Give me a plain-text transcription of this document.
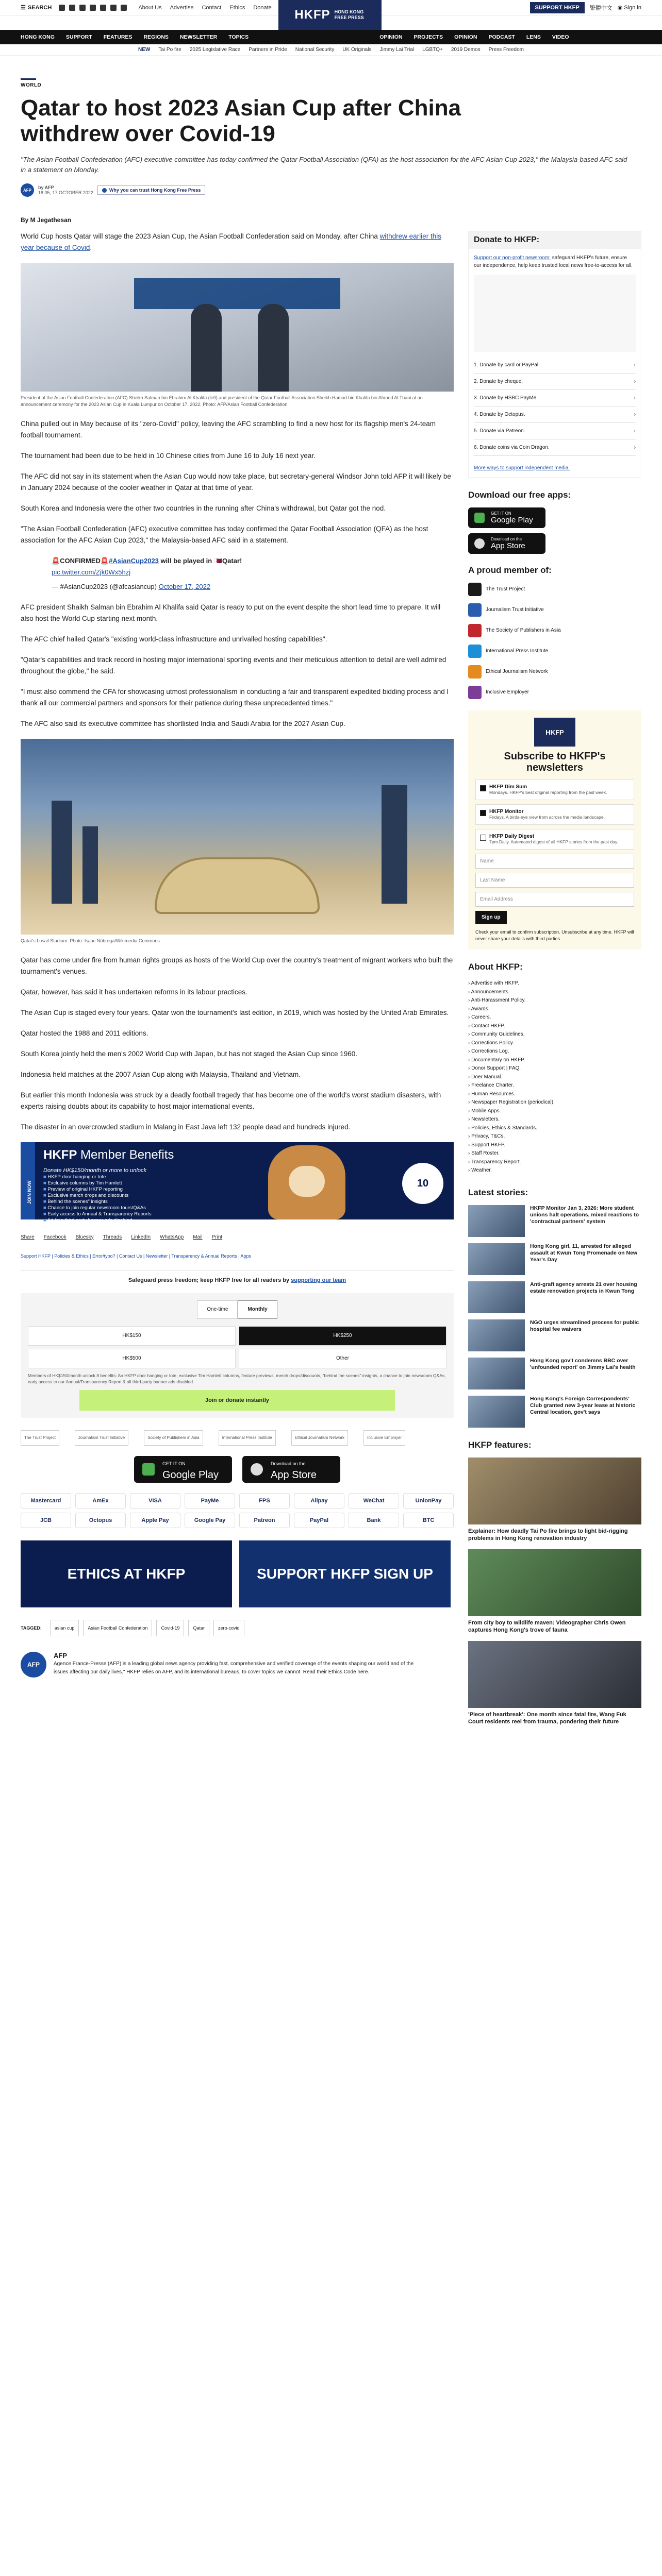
☰ SEARCH	About Us Advertise Contact Ethics Donate	SUPPORT HKFP	繁體中文 ◉ Sign in
HKFP HONG KONG FREE PRESS
HONG KONG SUPPORT FEATURES REGIONS NEWSLETTER TOPICS	OPINION PROJECTS OPINION PODCAST LENS VIDEO
NEW Tai Po fire 2025 Legislative Race Partners in Pride National Security UK Originals Jimmy Lai Trial LGBTQ+ 2019 Demos Press Freedom
WORLD
Qatar to host 2023 Asian Cup after China withdrew over Covid-19
"The Asian Football Confederation (AFC) executive committee has today confirmed the Qatar Football Association (QFA) as the host association for the AFC Asian Cup 2023," the Malaysia-based AFC said in a statement on Monday.
AFP	by AFP
18:05, 17 OCTOBER 2022	Why you can trust Hong Kong Free Press
By M Jegathesan

World Cup hosts Qatar will stage the 2023 Asian Cup, the Asian Football Confederation said on Monday, after China withdrew earlier this year because of Covid.

President of the Asian Football Confederation (AFC) Sheikh Salman bin Ebrahim Al Khalifa (left) and president of the Qatar Football Association Sheikh Hamad bin Khalifa bin Ahmed Al Thani at an announcement ceremony for the 2023 Asian Cup in Kuala Lumpur on October 17, 2022. Photo: AFP/Asian Football Confederation.

China pulled out in May because of its "zero-Covid" policy, leaving the AFC scrambling to find a new host for its flagship men's 24-team football tournament.

The tournament had been due to be held in 10 Chinese cities from June 16 to July 16 next year.

The AFC did not say in its statement when the Asian Cup would now take place, but secretary-general Windsor John told AFP it will likely be in January 2024 because of the cooler weather in Qatar at that time of year.

South Korea and Indonesia were the other two countries in the running after China's withdrawal, but Qatar got the nod.

"The Asian Football Confederation (AFC) executive committee has today confirmed the Qatar Football Association (QFA) as the host association for the AFC Asian Cup 2023," the Malaysia-based AFC said in a statement.

🚨CONFIRMED🚨#AsianCup2023 will be played in 🇶🇦Qatar!
pic.twitter.com/Zjk0Wx5hzj
— #AsianCup2023 (@afcasiancup) October 17, 2022

AFC president Shaikh Salman bin Ebrahim Al Khalifa said Qatar is ready to put on the event despite the short lead time to prepare. It will also host the World Cup starting next month.

The AFC chief hailed Qatar's "existing world-class infrastructure and unrivalled hosting capabilities".

"Qatar's capabilities and track record in hosting major international sporting events and their meticulous attention to detail are well admired throughout the globe," he said.

"I must also commend the CFA for showcasing utmost professionalism in conducting a fair and transparent expedited bidding process and I thank all our commercial partners and sponsors for their patience during these unprecedented times."

The AFC also said its executive committee has shortlisted India and Saudi Arabia for the 2027 Asian Cup.

Qatar's Lusail Stadium. Photo: Isaac Nóbrega/Wikimedia Commons.

Qatar has come under fire from human rights groups as hosts of the World Cup over the country's treatment of migrant workers who built the tournament's venues.

Qatar, however, has said it has undertaken reforms in its labour practices.

The Asian Cup is staged every four years. Qatar won the tournament's last edition, in 2019, which was hosted by the United Arab Emirates.

Qatar hosted the 1988 and 2011 editions.

South Korea jointly held the men's 2002 World Cup with Japan, but has not staged the Asian Cup since 1960.

Indonesia held matches at the 2007 Asian Cup along with Malaysia, Thailand and Vietnam.

But earlier this month Indonesia was struck by a deadly football tragedy that has become one of the world's worst stadium disasters, with experts raising doubts about its capability to host major international events.

The disaster in an overcrowded stadium in Malang in East Java left 132 people dead and hundreds injured.

JOIN NOW
HKFP Member Benefits
Donate HK$150/month or more to unlock
■ HKFP door hanging or tote
■ Exclusive columns by Tim Hamlett
■ Preview of original HKFP reporting
■ Exclusive merch drops and discounts
■ Behind the scenes" insights
■ Chance to join regular newsroom tours/Q&As
■ Early access to Annual & Transparency Reports
■ Ad-free third party banner ads disabled
10
Share Facebook Bluesky Threads LinkedIn WhatsApp Mail Print
Support HKFP | Policies & Ethics | Error/typo? | Contact Us | Newsletter | Transparency & Annual Reports | Apps
Safeguard press freedom; keep HKFP free for all readers by supporting our team
One-time	Monthly
HK$150	HK$250
HK$500	Other
Members of HK$150/month unlock 8 benefits: An HKFP door hanging or tote, exclusive Tim Hamlett columns, feature previews, merch drops/discounts, "behind the scenes" insights, a chance to join newsroom Q&As, early access to our Annual/Transparency Report & all third-party banner ads disabled.
Join or donate instantly
The Trust Project	Journalism Trust Initiative	Society of Publishers in Asia	International Press Institute	Ethical Journalism Network	Inclusive Employer
GET IT ON
Google Play
Download on the
App Store
Mastercard	AmEx	VISA	PayMe	FPS	Alipay	WeChat	UnionPay
JCB	Octopus	Apple Pay	Google Pay	Patreon	PayPal	Bank	BTC
ETHICS AT HKFP	SUPPORT HKFP SIGN UP
TAGGED:	asian cup	Asian Football Confederation	Covid-19	Qatar	zero-covid
AFP
AFP
Agence France-Presse (AFP) is a leading global news agency providing fast, comprehensive and verified coverage of the events shaping our world and of the issues affecting our daily lives." HKFP relies on AFP, and its international bureaus, to cover topics we cannot. Read their Ethics Code here.
Donate to HKFP:
Support our non-profit newsroom: safeguard HKFP's future, ensure our independence, help keep trusted local news free-to-access for all.
1. Donate by card or PayPal.	›
2. Donate by cheque.	›
3. Donate by HSBC PayMe.	›
4. Donate by Octopus.	›
5. Donate via Patreon.	›
6. Donate coins via Coin Dragon.	›
More ways to support independent media.
Download our free apps:
GET IT ON
Google Play
Download on the
App Store
A proud member of:
The Trust Project
Journalism Trust Initiative
The Society of Publishers in Asia
International Press Institute
Ethical Journalism Network
Inclusive Employer
HKFP
Subscribe to HKFP's newsletters
HKFP Dim Sum
Mondays. HKFP's best original reporting from the past week.
HKFP Monitor
Fridays. A birds-eye view from across the media landscape.
HKFP Daily Digest
7pm Daily. Automated digest of all HKFP stories from the past day.
Name
Last Name
Email Address
Sign up
Check your email to confirm subscription. Unsubscribe at any time. HKFP will never share your details with third parties.
About HKFP:
› Advertise with HKFP.
› Announcements.
› Anti-Harassment Policy.
› Awards.
› Careers.
› Contact HKFP.
› Community Guidelines.
› Corrections Policy.
› Corrections Log.
› Documentary on HKFP.
› Donor Support | FAQ.
› Doer Manual.
› Freelance Charter.
› Human Resources.
› Newspaper Registration (periodical).
› Mobile Apps.
› Newsletters.
› Policies, Ethics & Standards.
› Privacy, T&Cs.
› Support HKFP.
› Staff Roster.
› Transparency Report.
› Weather.
Latest stories:
HKFP Monitor Jan 3, 2026: More student unions halt operations, mixed reactions to 'contractual partners' system
Hong Kong girl, 11, arrested for alleged assault at Kwun Tong Promenade on New Year's Day
Anti-graft agency arrests 21 over housing estate renovation projects in Kwun Tong
NGO urges streamlined process for public hospital fee waivers
Hong Kong gov't condemns BBC over 'unfounded report' on Jimmy Lai's health
Hong Kong's Foreign Correspondents' Club granted new 3-year lease at historic Central location, gov't says
HKFP features:
Explainer: How deadly Tai Po fire brings to light bid-rigging problems in Hong Kong renovation industry
From city boy to wildlife maven: Videographer Chris Owen captures Hong Kong's trove of fauna
'Piece of heartbreak': One month since fatal fire, Wang Fuk Court residents reel from trauma, pondering their future
